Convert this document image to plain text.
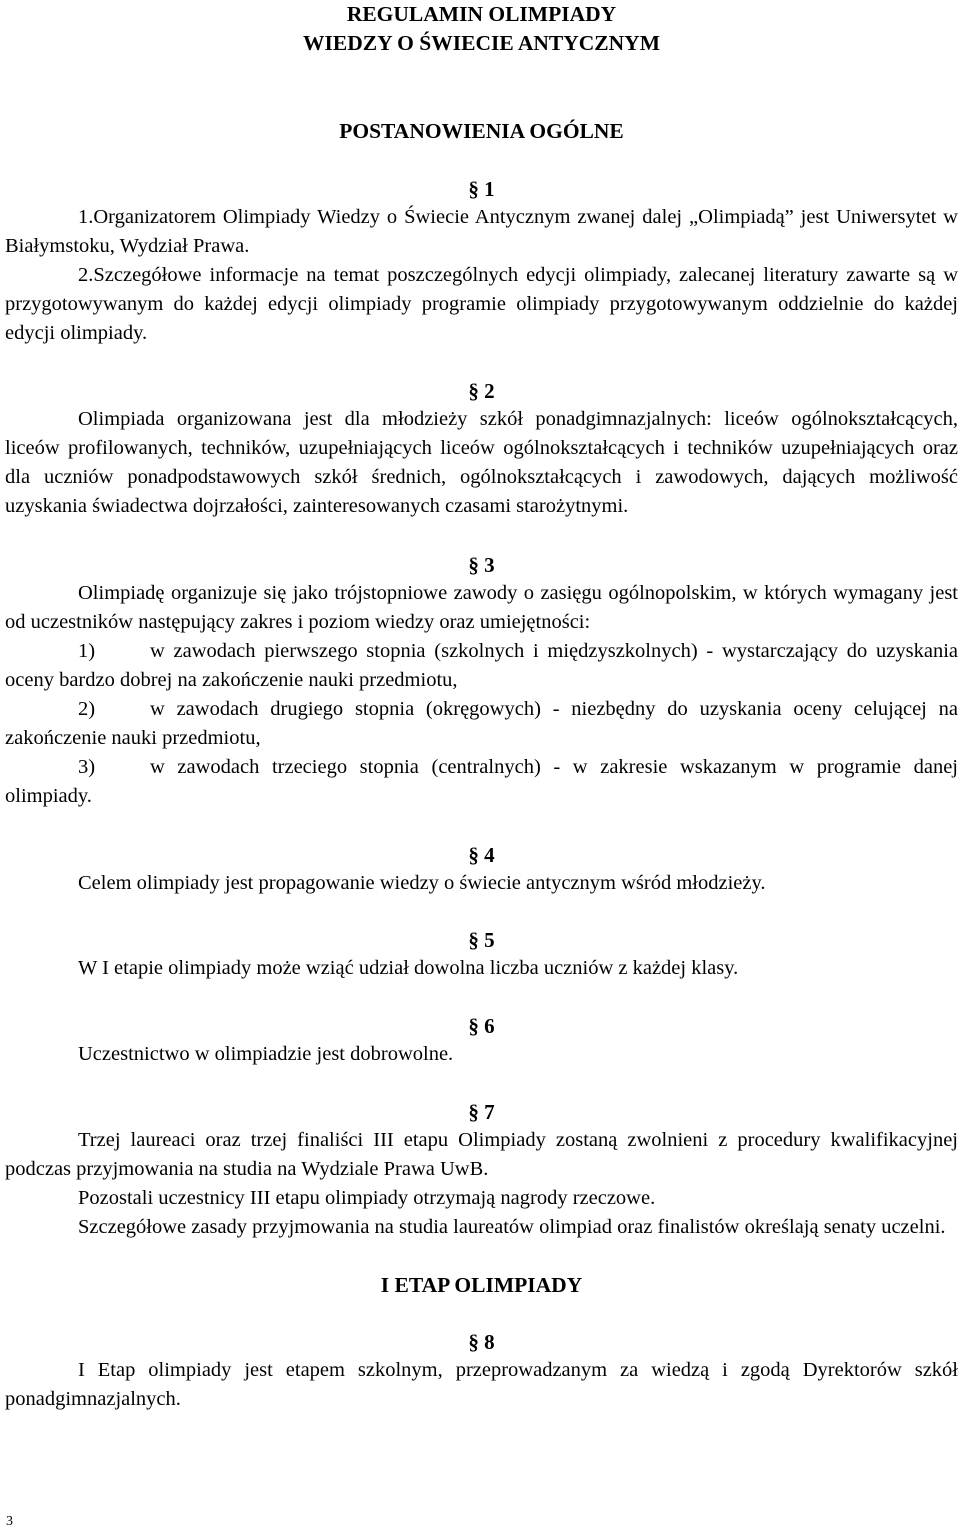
REGULAMIN OLIMPIADY

WIEDZY O ŚWIECIE ANTYCZNYM

POSTANOWIENIA OGÓLNE

§ 1

1.Organizatorem Olimpiady Wiedzy o Świecie Antycznym zwanej dalej „Olimpiadą” jest Uniwersytet w Białymstoku, Wydział Prawa.

2.Szczegółowe informacje na temat poszczególnych edycji olimpiady, zalecanej literatury zawarte są w przygotowywanym do każdej edycji olimpiady programie olimpiady przygotowywanym oddzielnie do każdej edycji olimpiady.

§ 2

Olimpiada organizowana jest dla młodzieży szkół ponadgimnazjalnych: liceów ogólnokształcących, liceów profilowanych, techników, uzupełniających liceów ogólnokształcących i techników uzupełniających oraz dla uczniów ponadpodstawowych szkół średnich, ogólnokształcących i zawodowych, dających możliwość uzyskania świadectwa dojrzałości, zainteresowanych czasami starożytnymi.

§ 3

Olimpiadę organizuje się jako trójstopniowe zawody o zasięgu ogólnopolskim, w których wymagany jest od uczestników następujący zakres i poziom wiedzy oraz umiejętności:

1)	w zawodach pierwszego stopnia (szkolnych i międzyszkolnych) - wystarczający do uzyskania oceny bardzo dobrej na zakończenie nauki przedmiotu,

2)	w zawodach drugiego stopnia (okręgowych) - niezbędny do uzyskania oceny celującej na zakończenie nauki przedmiotu,

3)	w zawodach trzeciego stopnia (centralnych) - w zakresie wskazanym w programie danej olimpiady.

§ 4

Celem olimpiady jest propagowanie wiedzy o świecie antycznym wśród młodzieży.

§ 5

W I etapie olimpiady może wziąć udział dowolna liczba uczniów z każdej klasy.

§ 6

Uczestnictwo w olimpiadzie jest dobrowolne.

§ 7

Trzej laureaci oraz trzej finaliści III etapu Olimpiady zostaną zwolnieni z procedury kwalifikacyjnej podczas przyjmowania na studia na Wydziale Prawa UwB.

Pozostali uczestnicy III etapu olimpiady otrzymają nagrody rzeczowe.

Szczegółowe zasady przyjmowania na studia laureatów olimpiad oraz finalistów określają senaty uczelni.

I ETAP OLIMPIADY

§ 8

I Etap olimpiady jest etapem szkolnym, przeprowadzanym za wiedzą i zgodą Dyrektorów szkół ponadgimnazjalnych.

3
